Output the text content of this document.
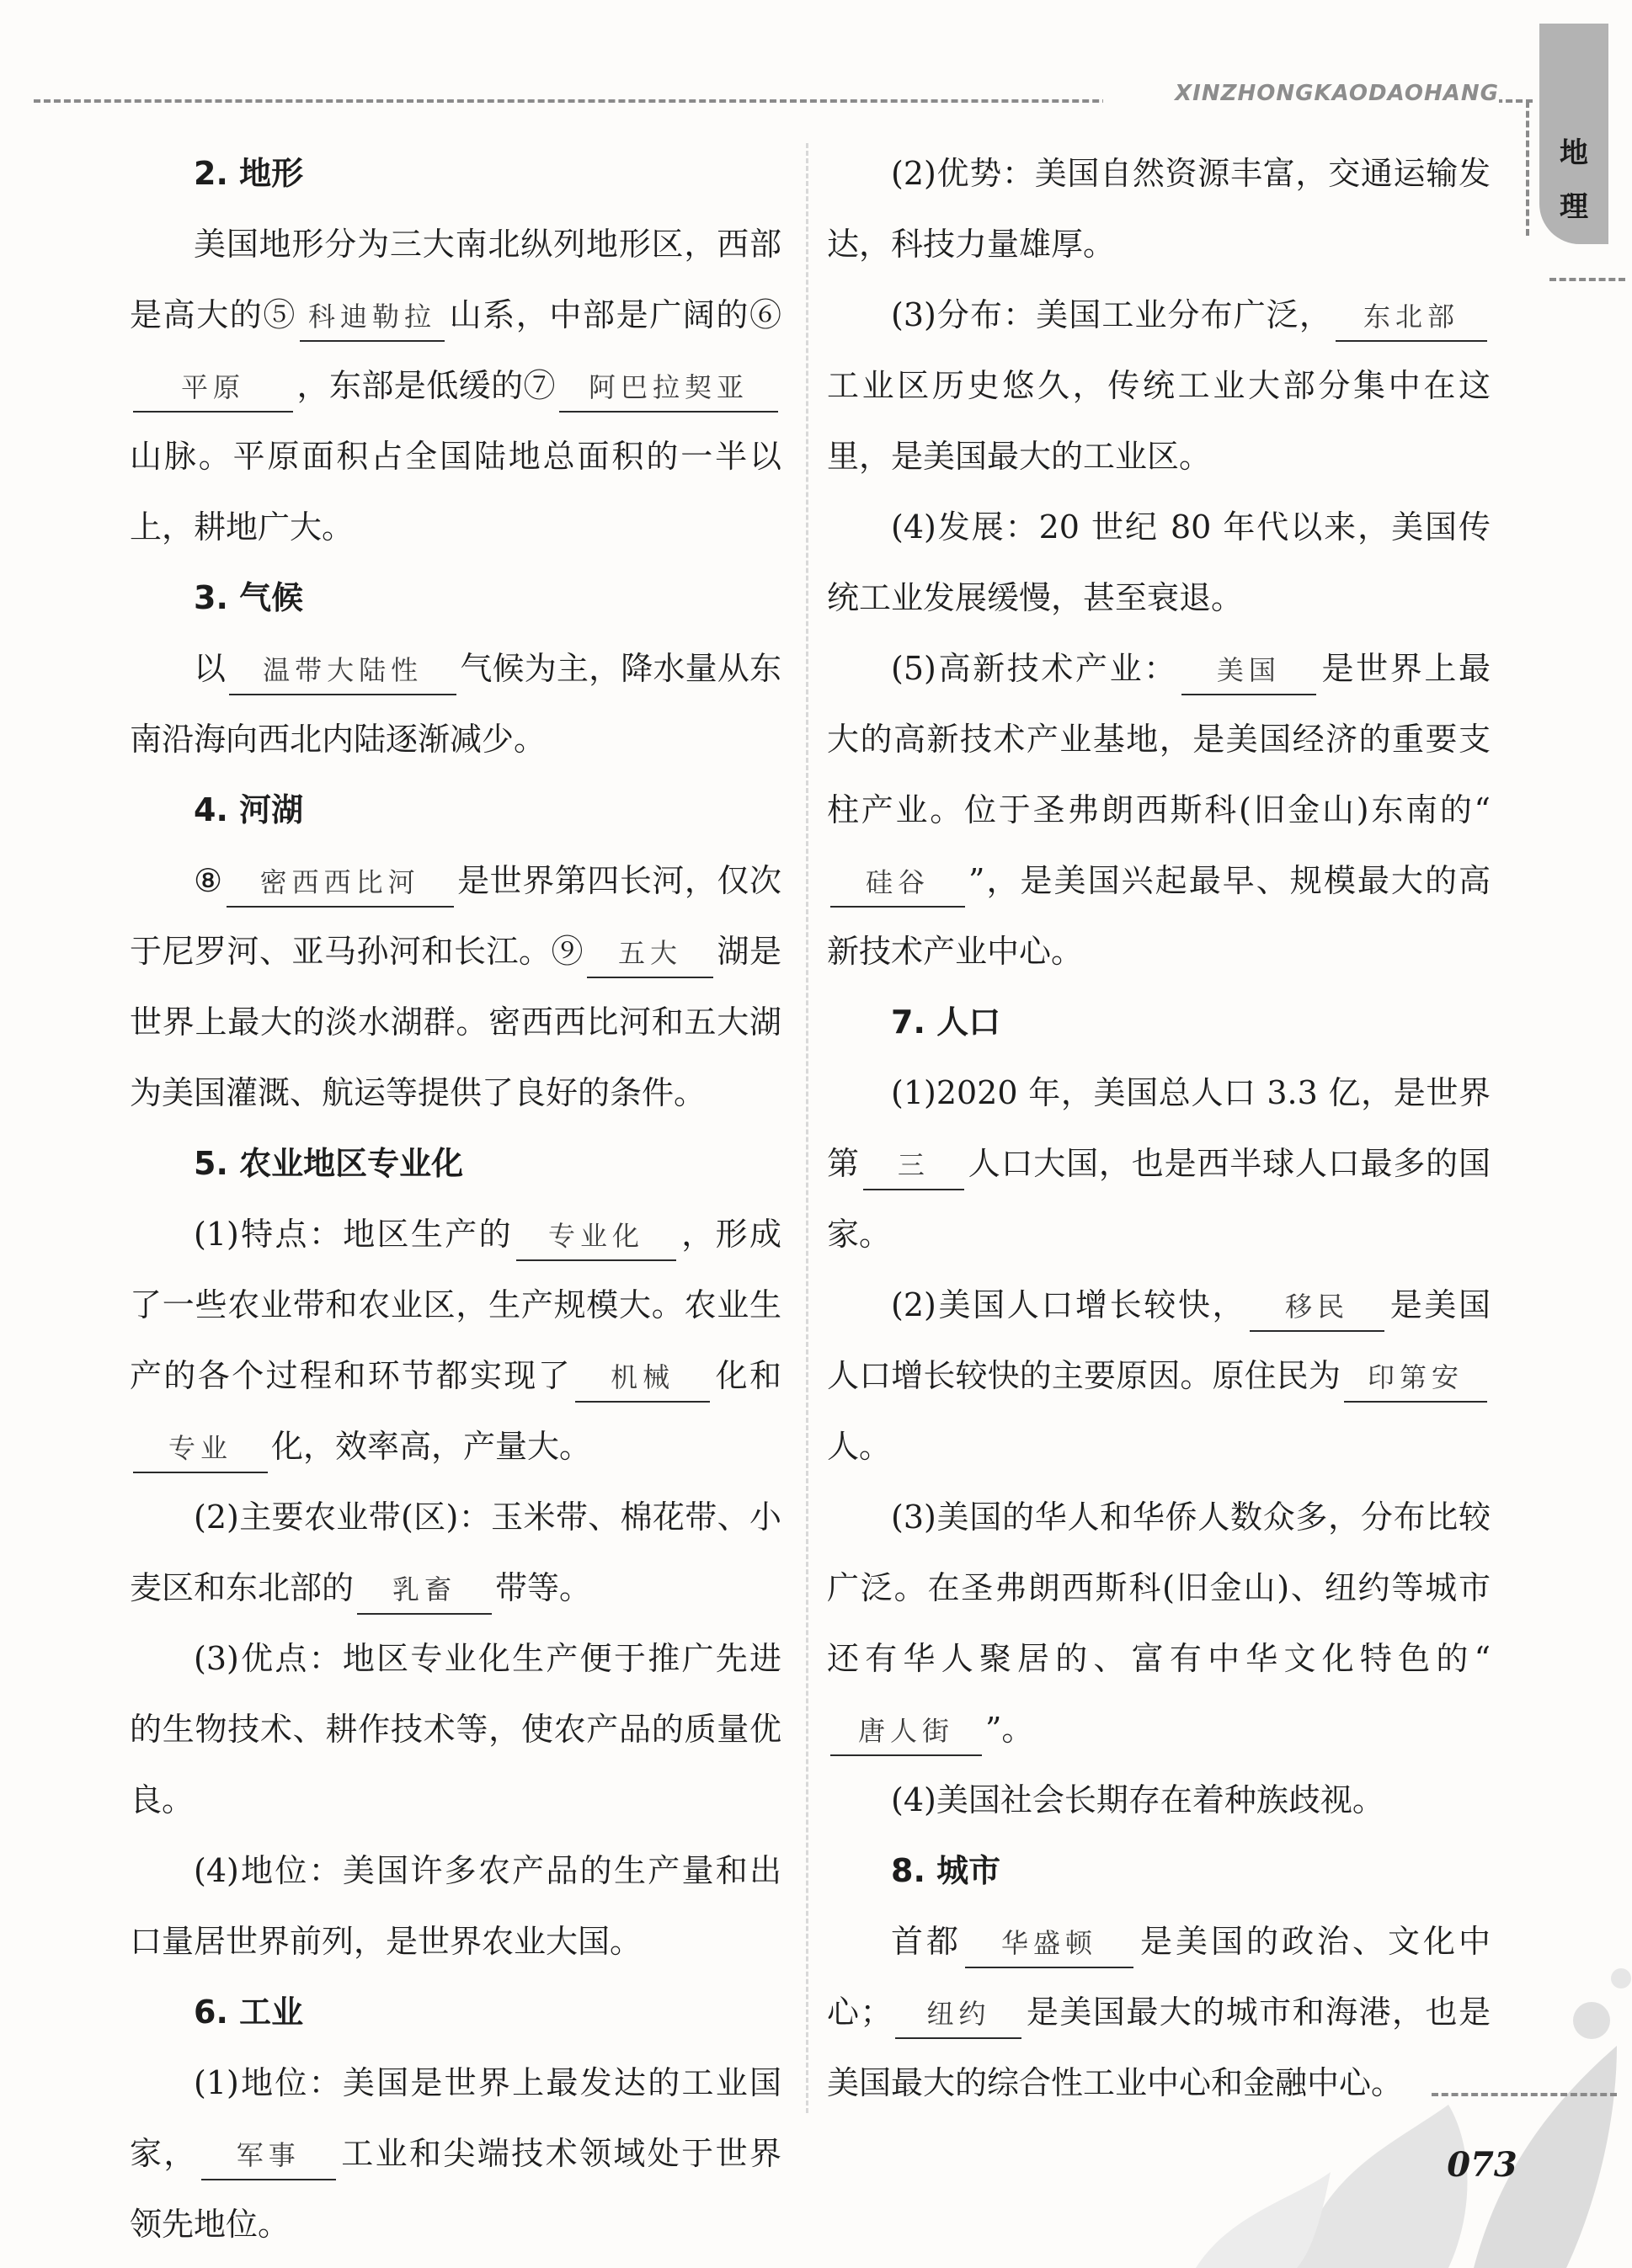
XINZHONGKAODAOHANG
地理
2. 地形

美国地形分为三大南北纵列地形区，西部是高大的⑤ 科迪勒拉 山系，中部是广阔的⑥平原 ，东部是低缓的⑦ 阿巴拉契亚山脉。平原面积占全国陆地总面积的一半以上，耕地广大。

3. 气候

以 温带大陆性 气候为主，降水量从东南沿海向西北内陆逐渐减少。

4. 河湖

⑧ 密西西比河 是世界第四长河，仅次于尼罗河、亚马孙河和长江。⑨ 五大 湖是世界上最大的淡水湖群。密西西比河和五大湖为美国灌溉、航运等提供了良好的条件。

5. 农业地区专业化

(1)特点：地区生产的 专业化 ，形成了一些农业带和农业区，生产规模大。农业生产的各个过程和环节都实现了 机械 化和专业 化，效率高，产量大。

(2)主要农业带(区)：玉米带、棉花带、小麦区和东北部的 乳畜 带等。

(3)优点：地区专业化生产便于推广先进的生物技术、耕作技术等，使农产品的质量优良。

(4)地位：美国许多农产品的生产量和出口量居世界前列，是世界农业大国。

6. 工业

(1)地位：美国是世界上最发达的工业国家， 军事 工业和尖端技术领域处于世界领先地位。

(2)优势：美国自然资源丰富，交通运输发达，科技力量雄厚。

(3)分布：美国工业分布广泛， 东北部工业区历史悠久，传统工业大部分集中在这里，是美国最大的工业区。

(4)发展：20 世纪 80 年代以来，美国传统工业发展缓慢，甚至衰退。

(5)高新技术产业： 美国 是世界上最大的高新技术产业基地，是美国经济的重要支柱产业。位于圣弗朗西斯科(旧金山)东南的“硅谷 ”，是美国兴起最早、规模最大的高新技术产业中心。

7. 人口

(1)2020 年，美国总人口 3.3 亿，是世界第 三 人口大国，也是西半球人口最多的国家。

(2)美国人口增长较快， 移民 是美国人口增长较快的主要原因。原住民为 印第安人。

(3)美国的华人和华侨人数众多，分布比较广泛。在圣弗朗西斯科(旧金山)、纽约等城市还有华人聚居的、富有中华文化特色的“唐人街 ”。

(4)美国社会长期存在着种族歧视。

8. 城市

首都 华盛顿 是美国的政治、文化中心； 纽约 是美国最大的城市和海港，也是美国最大的综合性工业中心和金融中心。

073
